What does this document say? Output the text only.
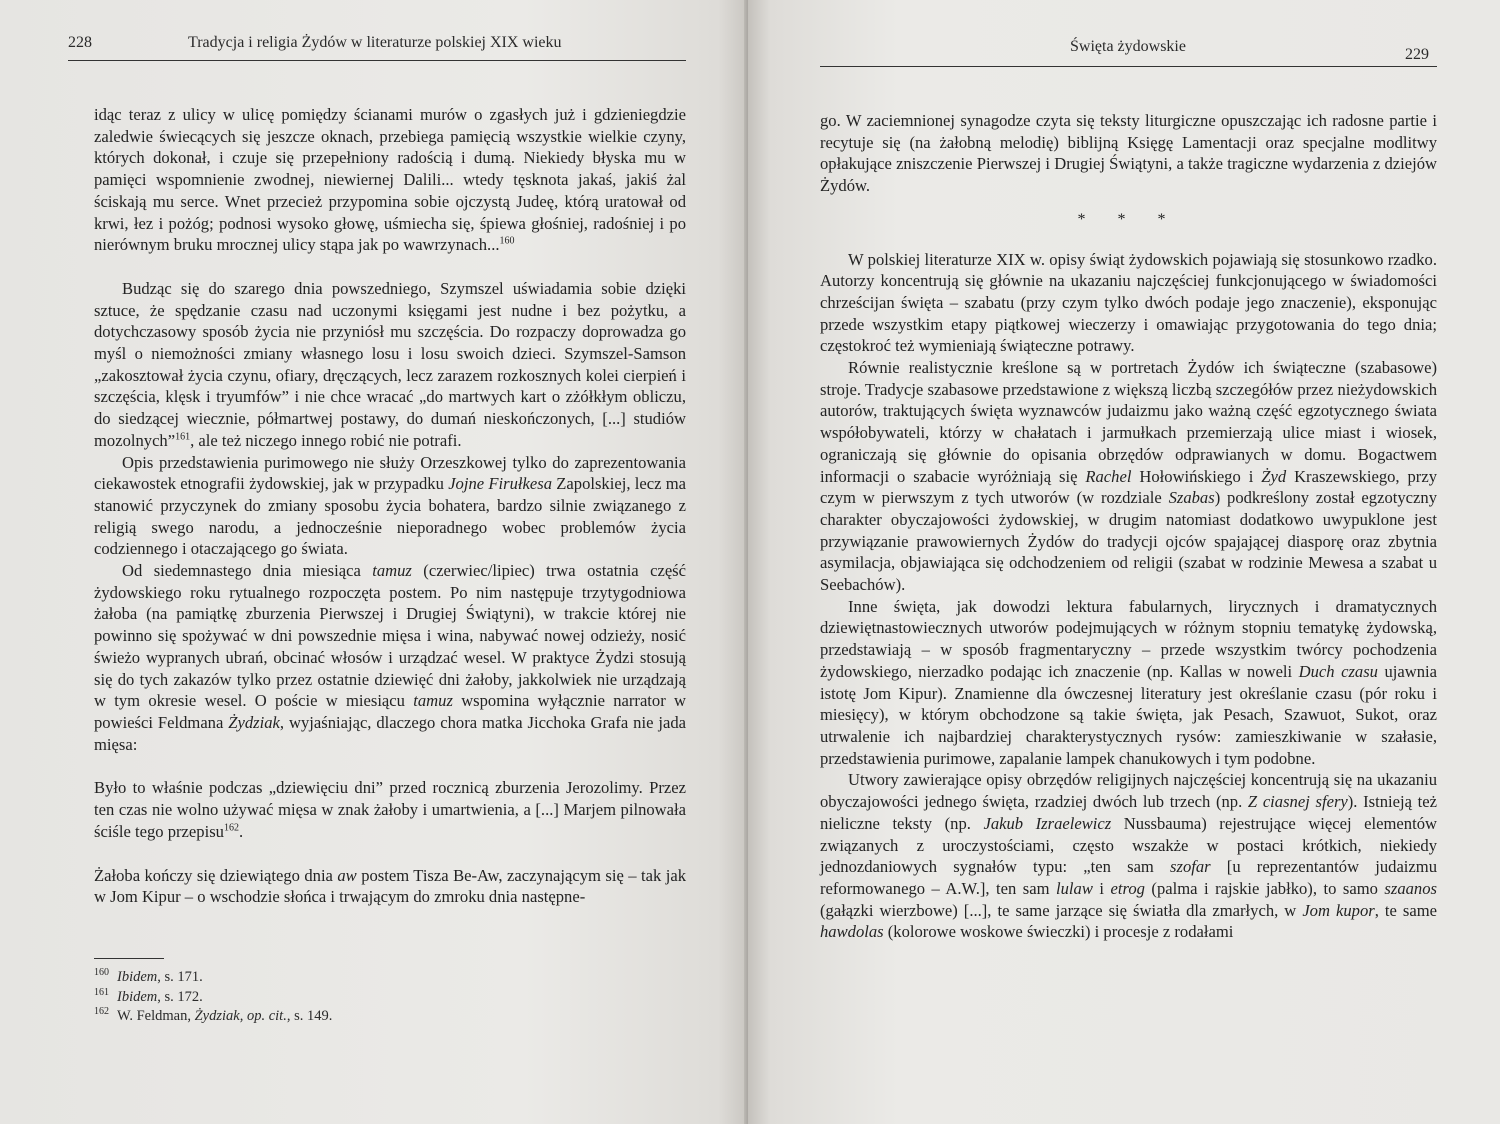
228	Tradycja i religia Żydów w literaturze polskiej XIX wieku

idąc teraz z ulicy w ulicę pomiędzy ścianami murów o zgasłych już i gdzieniegdzie zaledwie świecących się jeszcze oknach, przebiega pamięcią wszystkie wielkie czyny, których dokonał, i czuje się przepełniony radością i dumą. Niekiedy błyska mu w pamięci wspomnienie zwodnej, niewiernej Dalili... wtedy tęsknota jakaś, jakiś żal ściskają mu serce. Wnet przecież przypomina sobie ojczystą Judeę, którą uratował od krwi, łez i pożóg; podnosi wysoko głowę, uśmiecha się, śpiewa głośniej, radośniej i po nierównym bruku mrocznej ulicy stąpa jak po wawrzynach...$^{160}$

Budząc się do szarego dnia powszedniego, Szymszel uświadamia sobie dzięki sztuce, że spędzanie czasu nad uczonymi księgami jest nudne i bez pożytku, a dotychczasowy sposób życia nie przyniósł mu szczęścia. Do rozpaczy doprowadza go myśl o niemożności zmiany własnego losu i losu swoich dzieci. Szymszel-Samson „zakosztował życia czynu, ofiary, dręczących, lecz zarazem rozkosznych kolei cierpień i szczęścia, klęsk i tryumfów” i nie chce wracać „do martwych kart o zżółkłym obliczu, do siedzącej wiecznie, półmartwej postawy, do dumań nieskończonych, [...] studiów mozolnych”$^{161}$, ale też niczego innego robić nie potrafi.

Opis przedstawienia purimowego nie służy Orzeszkowej tylko do zaprezentowania ciekawostek etnografii żydowskiej, jak w przypadku Jojne Firułkesa Zapolskiej, lecz ma stanowić przyczynek do zmiany sposobu życia bohatera, bardzo silnie związanego z religią swego narodu, a jednocześnie nieporadnego wobec problemów życia codziennego i otaczającego go świata.

Od siedemnastego dnia miesiąca tamuz (czerwiec/lipiec) trwa ostatnia część żydowskiego roku rytualnego rozpoczęta postem. Po nim następuje trzytygodniowa żałoba (na pamiątkę zburzenia Pierwszej i Drugiej Świątyni), w trakcie której nie powinno się spożywać w dni powszednie mięsa i wina, nabywać nowej odzieży, nosić świeżo wypranych ubrań, obcinać włosów i urządzać wesel. W praktyce Żydzi stosują się do tych zakazów tylko przez ostatnie dziewięć dni żałoby, jakkolwiek nie urządzają w tym okresie wesel. O poście w miesiącu tamuz wspomina wyłącznie narrator w powieści Feldmana Żydziak, wyjaśniając, dlaczego chora matka Jicchoka Grafa nie jada mięsa:

Było to właśnie podczas „dziewięciu dni” przed rocznicą zburzenia Jerozolimy. Przez ten czas nie wolno używać mięsa w znak żałoby i umartwienia, a [...] Marjem pilnowała ściśle tego przepisu$^{162}$.

Żałoba kończy się dziewiątego dnia aw postem Tisza Be-Aw, zaczynającym się – tak jak w Jom Kipur – o wschodzie słońca i trwającym do zmroku dnia następne-

$^{160}$ Ibidem, s. 171.

$^{161}$ Ibidem, s. 172.

$^{162}$ W. Feldman, Żydziak, op. cit., s. 149.

Święta żydowskie	229

go. W zaciemnionej synagodze czyta się teksty liturgiczne opuszczając ich radosne partie i recytuje się (na żałobną melodię) biblijną Księgę Lamentacji oraz specjalne modlitwy opłakujące zniszczenie Pierwszej i Drugiej Świątyni, a także tragiczne wydarzenia z dziejów Żydów.

* * *

W polskiej literaturze XIX w. opisy świąt żydowskich pojawiają się stosunkowo rzadko. Autorzy koncentrują się głównie na ukazaniu najczęściej funkcjonującego w świadomości chrześcijan święta – szabatu (przy czym tylko dwóch podaje jego znaczenie), eksponując przede wszystkim etapy piątkowej wieczerzy i omawiając przygotowania do tego dnia; częstokroć też wymieniają świąteczne potrawy.

Równie realistycznie kreślone są w portretach Żydów ich świąteczne (szabasowe) stroje. Tradycje szabasowe przedstawione z większą liczbą szczegółów przez nieżydowskich autorów, traktujących święta wyznawców judaizmu jako ważną część egzotycznego świata współobywateli, którzy w chałatach i jarmułkach przemierzają ulice miast i wiosek, ograniczają się głównie do opisania obrzędów odprawianych w domu. Bogactwem informacji o szabacie wyróżniają się Rachel Hołowińskiego i Żyd Kraszewskiego, przy czym w pierwszym z tych utworów (w rozdziale Szabas) podkreślony został egzotyczny charakter obyczajowości żydowskiej, w drugim natomiast dodatkowo uwypuklone jest przywiązanie prawowiernych Żydów do tradycji ojców spajającej diasporę oraz zbytnia asymilacja, objawiająca się odchodzeniem od religii (szabat w rodzinie Mewesa a szabat u Seebachów).

Inne święta, jak dowodzi lektura fabularnych, lirycznych i dramatycznych dziewiętnastowiecznych utworów podejmujących w różnym stopniu tematykę żydowską, przedstawiają – w sposób fragmentaryczny – przede wszystkim twórcy pochodzenia żydowskiego, nierzadko podając ich znaczenie (np. Kallas w noweli Duch czasu ujawnia istotę Jom Kipur). Znamienne dla ówczesnej literatury jest określanie czasu (pór roku i miesięcy), w którym obchodzone są takie święta, jak Pesach, Szawuot, Sukot, oraz utrwalenie ich najbardziej charakterystycznych rysów: zamieszkiwanie w szałasie, przedstawienia purimowe, zapalanie lampek chanukowych i tym podobne.

Utwory zawierające opisy obrzędów religijnych najczęściej koncentrują się na ukazaniu obyczajowości jednego święta, rzadziej dwóch lub trzech (np. Z ciasnej sfery). Istnieją też nieliczne teksty (np. Jakub Izraelewicz Nussbauma) rejestrujące więcej elementów związanych z uroczystościami, często wszakże w postaci krótkich, niekiedy jednozdaniowych sygnałów typu: „ten sam szofar [u reprezentantów judaizmu reformowanego – A.W.], ten sam lulaw i etrog (palma i rajskie jabłko), to samo szaanos (gałązki wierzbowe) [...], te same jarzące się światła dla zmarłych, w Jom kupor, te same hawdolas (kolorowe woskowe świeczki) i procesje z rodałami
